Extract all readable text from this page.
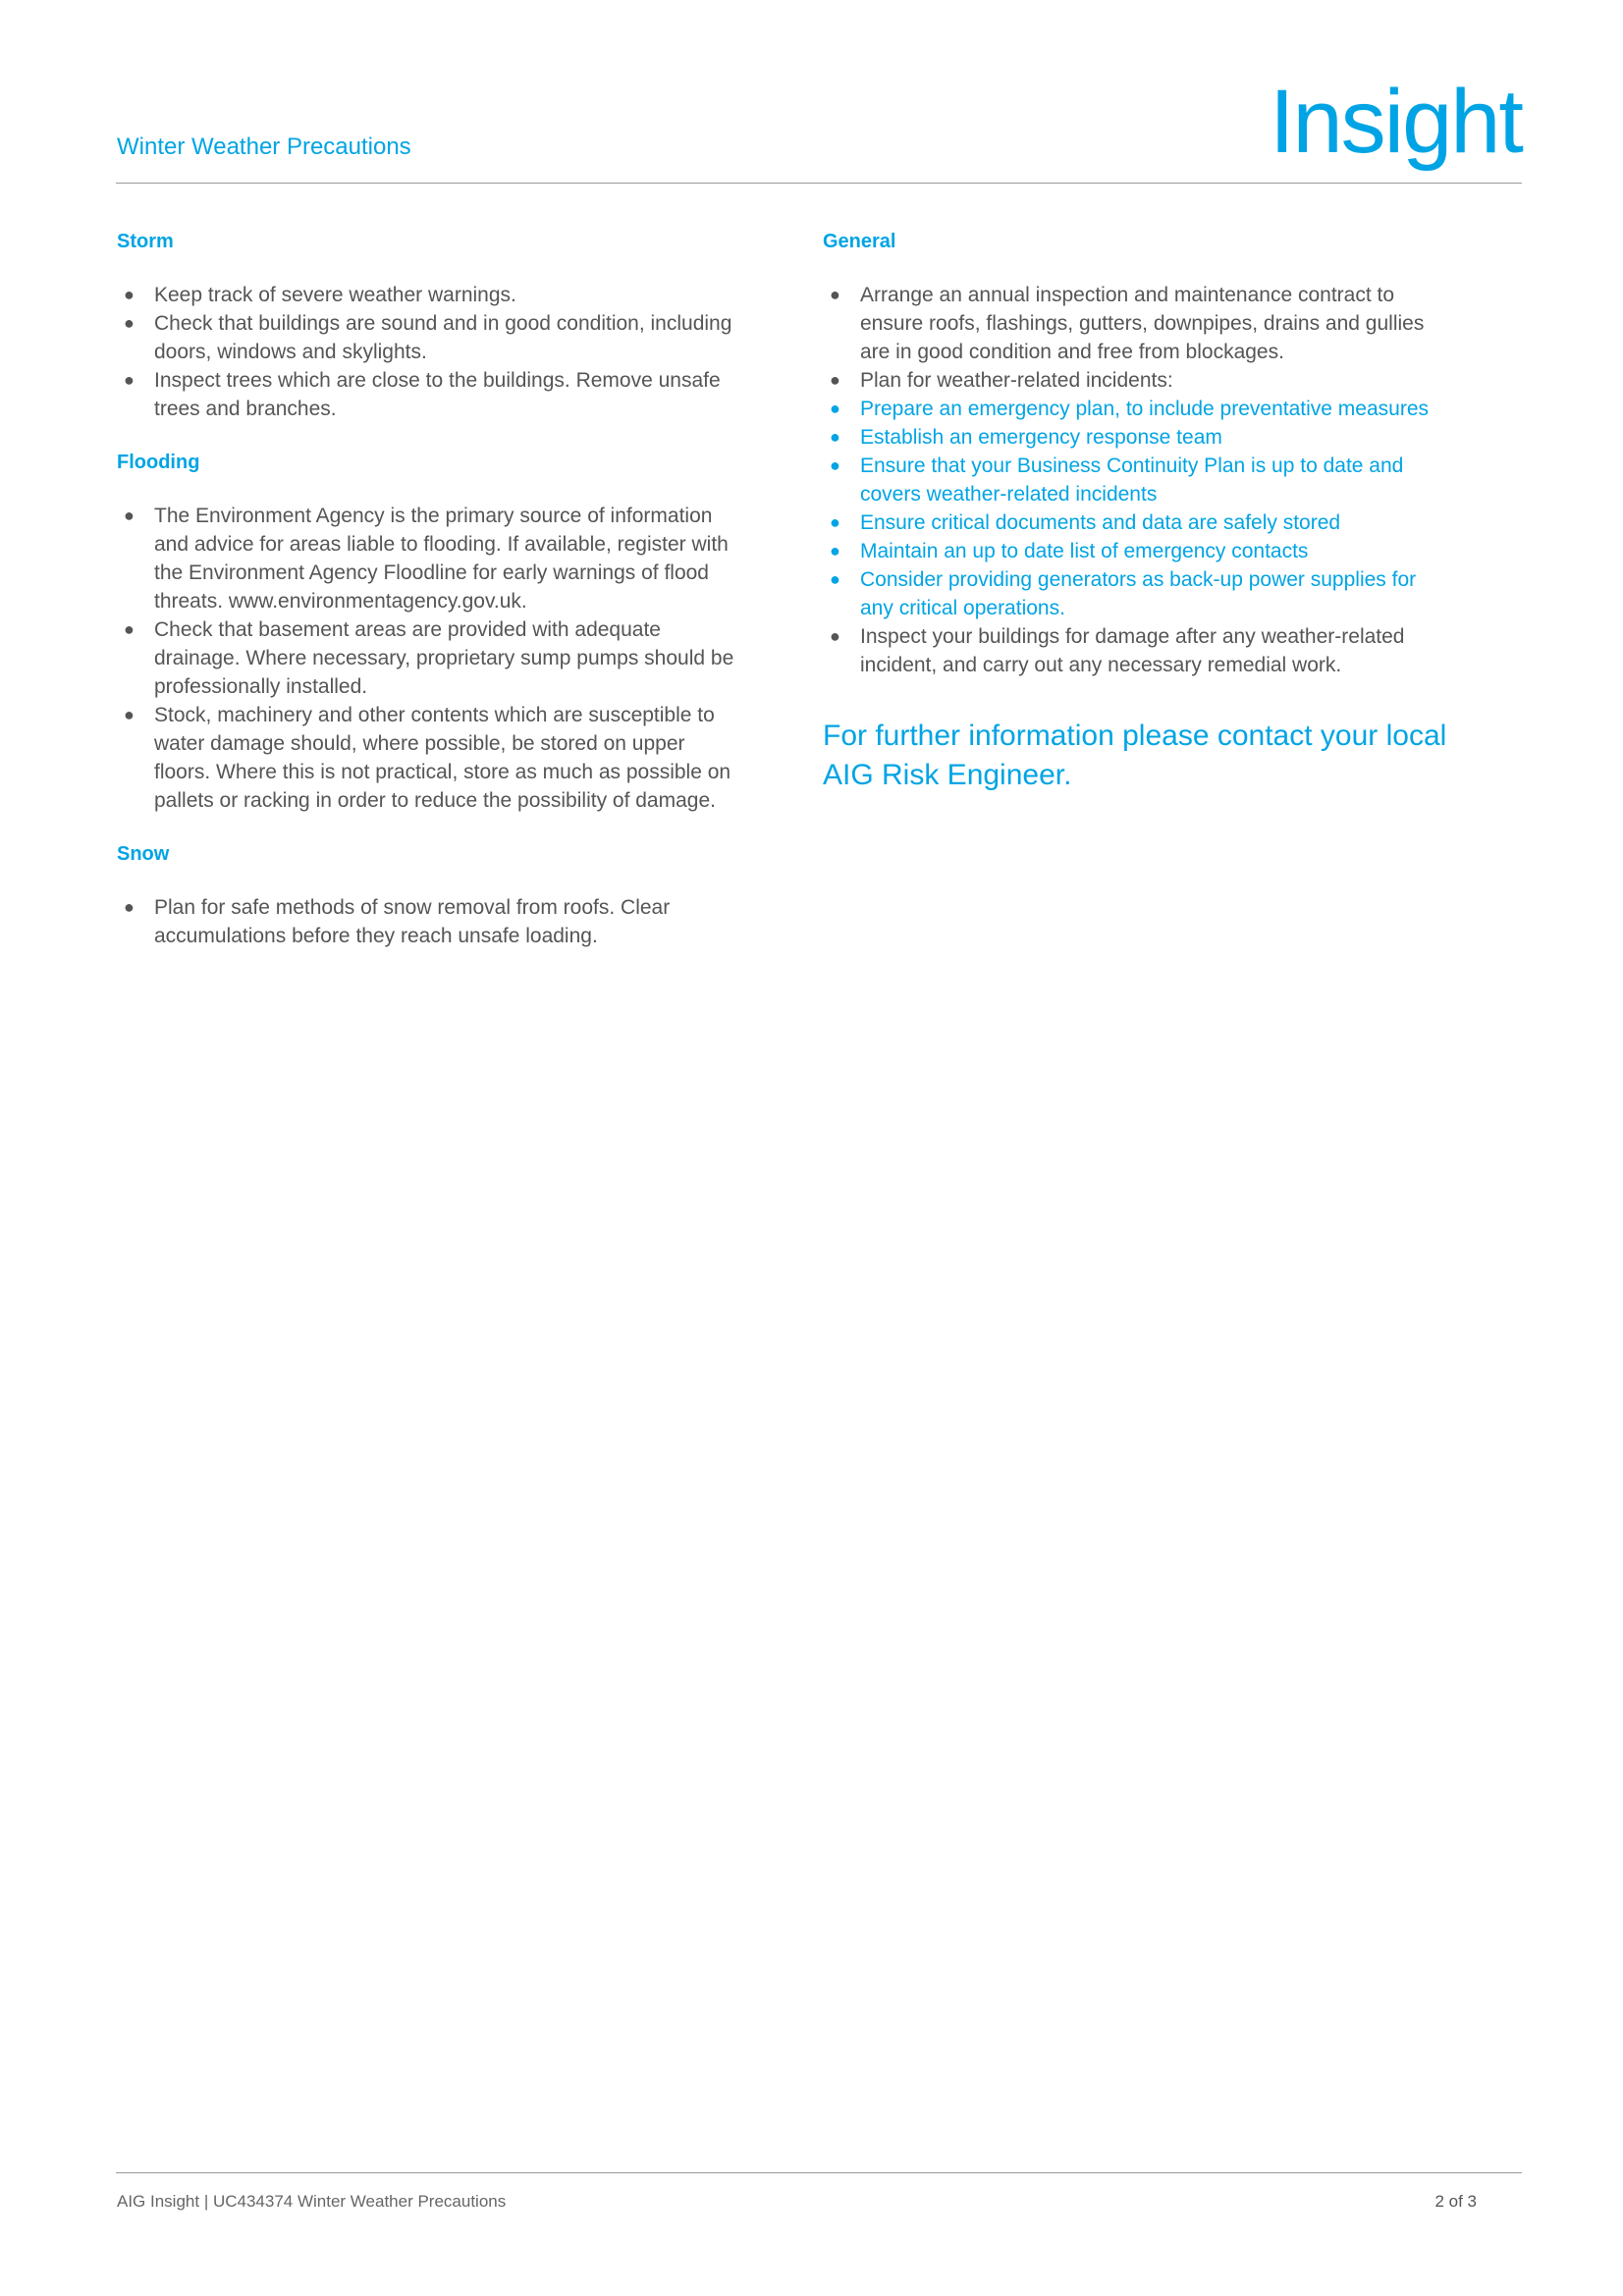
Winter Weather Precautions	Insight
Storm
● Keep track of severe weather warnings.
● Check that buildings are sound and in good condition, including doors, windows and skylights.
● Inspect trees which are close to the buildings. Remove unsafe trees and branches.
Flooding
● The Environment Agency is the primary source of information and advice for areas liable to flooding. If available, register with the Environment Agency Floodline for early warnings of flood threats. www.environmentagency.gov.uk.
● Check that basement areas are provided with adequate drainage. Where necessary, proprietary sump pumps should be professionally installed.
● Stock, machinery and other contents which are susceptible to water damage should, where possible, be stored on upper floors. Where this is not practical, store as much as possible on pallets or racking in order to reduce the possibility of damage.
Snow
● Plan for safe methods of snow removal from roofs. Clear accumulations before they reach unsafe loading.
General
● Arrange an annual inspection and maintenance contract to ensure roofs, flashings, gutters, downpipes, drains and gullies are in good condition and free from blockages.
● Plan for weather-related incidents:
● Prepare an emergency plan, to include preventative measures
● Establish an emergency response team
● Ensure that your Business Continuity Plan is up to date and covers weather-related incidents
● Ensure critical documents and data are safely stored
● Maintain an up to date list of emergency contacts
● Consider providing generators as back-up power supplies for any critical operations.
● Inspect your buildings for damage after any weather-related incident, and carry out any necessary remedial work.
For further information please contact your local AIG Risk Engineer.
AIG Insight | UC434374 Winter Weather Precautions	2 of 3
